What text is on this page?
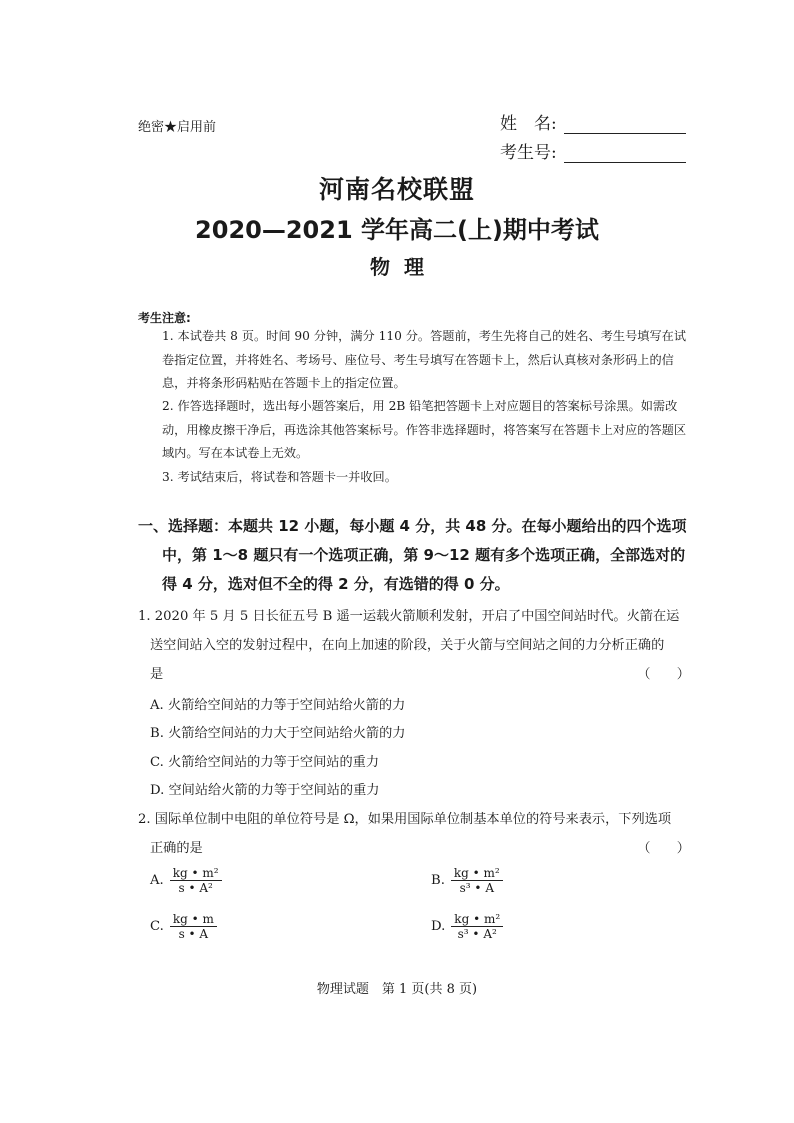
绝密★启用前	姓　名:
考生号:
河南名校联盟
2020—2021 学年高二(上)期中考试
物理
考生注意:
1. 本试卷共 8 页。时间 90 分钟，满分 110 分。答题前，考生先将自己的姓名、考生号填写在试卷指定位置，并将姓名、考场号、座位号、考生号填写在答题卡上，然后认真核对条形码上的信息，并将条形码粘贴在答题卡上的指定位置。
2. 作答选择题时，选出每小题答案后，用 2B 铅笔把答题卡上对应题目的答案标号涂黑。如需改动，用橡皮擦干净后，再选涂其他答案标号。作答非选择题时，将答案写在答题卡上对应的答题区域内。写在本试卷上无效。
3. 考试结束后，将试卷和答题卡一并收回。
一、选择题：本题共 12 小题，每小题 4 分，共 48 分。在每小题给出的四个选项
中，第 1～8 题只有一个选项正确，第 9～12 题有多个选项正确，全部选对的
得 4 分，选对但不全的得 2 分，有选错的得 0 分。
1. 2020 年 5 月 5 日长征五号 B 遥一运载火箭顺利发射，开启了中国空间站时代。火箭在运
送空间站入空的发射过程中，在向上加速的阶段，关于火箭与空间站之间的力分析正确的
是	（　　）
A. 火箭给空间站的力等于空间站给火箭的力
B. 火箭给空间站的力大于空间站给火箭的力
C. 火箭给空间站的力等于空间站的重力
D. 空间站给火箭的力等于空间站的重力
2. 国际单位制中电阻的单位符号是 Ω，如果用国际单位制基本单位的符号来表示，下列选项
正确的是	（　　）
A. $\frac{\text{kg • m²}}{\text{s • A²}}$	B. $\frac{\text{kg • m²}}{\text{s³ • A}}$
C. $\frac{kg • m}{s • A}$	D. $\frac{\text{kg • m²}}{\text{s³ • A²}}$
物理试题　第 1 页(共 8 页)
